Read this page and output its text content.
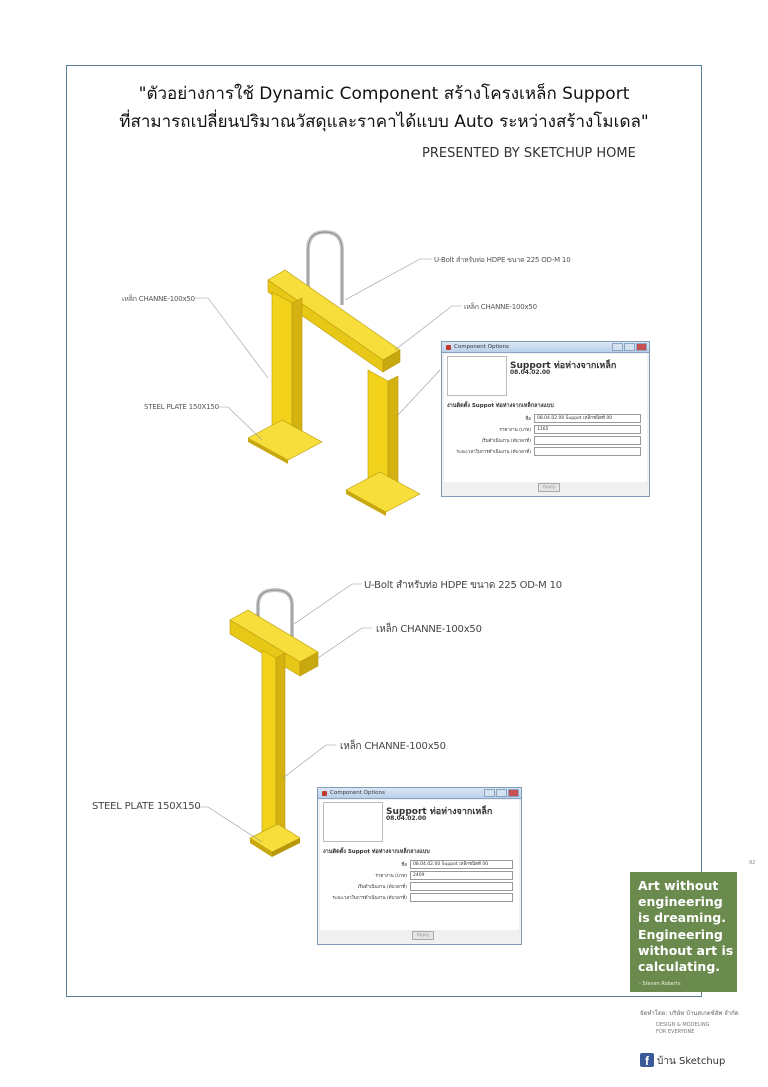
"ตัวอย่างการใช้ Dynamic Component สร้างโครงเหล็ก Support
ที่สามารถเปลี่ยนปริมาณวัสดุและราคาได้แบบ Auto ระหว่างสร้างโมเดล"
PRESENTED BY SKETCHUP HOME
U-Bolt สำหรับท่อ HDPE ขนาด 225 OD-M 10
เหล็ก CHANNE-100x50
เหล็ก CHANNE-100x50
STEEL PLATE 150X150
U-Bolt สำหรับท่อ HDPE ขนาด 225 OD-M 10
เหล็ก CHANNE-100x50
เหล็ก CHANNE-100x50
STEEL PLATE 150X150
Component Options
Support ท่อห่างจากเหล็ก
08.04.02.00
งานติดตั้ง Suppot ท่อห่างจากเหล็กลางแบบ
ชื่อ	08.04.02.00 Suppot เหล็กชนิดที่ 00
ราคางาน (บาท)	1165
เริ่มดำเนินงาน (ดับวลาที่)
ระยะเวลาในการดำเนินงาน (ดับวลาที่)
Apply
Component Options
Support ท่อห่างจากเหล็ก
08.04.02.00
งานติดตั้ง Suppot ท่อห่างจากเหล็กลางแบบ
ชื่อ	08.04.02.00 Suppot เหล็กชนิดที่ 00
ราคางาน (บาท)	2409
เริ่มดำเนินงาน (ดับวลาที่)
ระยะเวลาในการดำเนินงาน (ดับวลาที่)
Apply
92
Art without engineering is dreaming. Engineering without art is calculating.
- Steven Roberts
จัดทำโดย: บริษัท บ้านสเกตช์อัพ จำกัด
DESIGN & MODELING
FOR EVERYONE
f บ้าน Sketchup
